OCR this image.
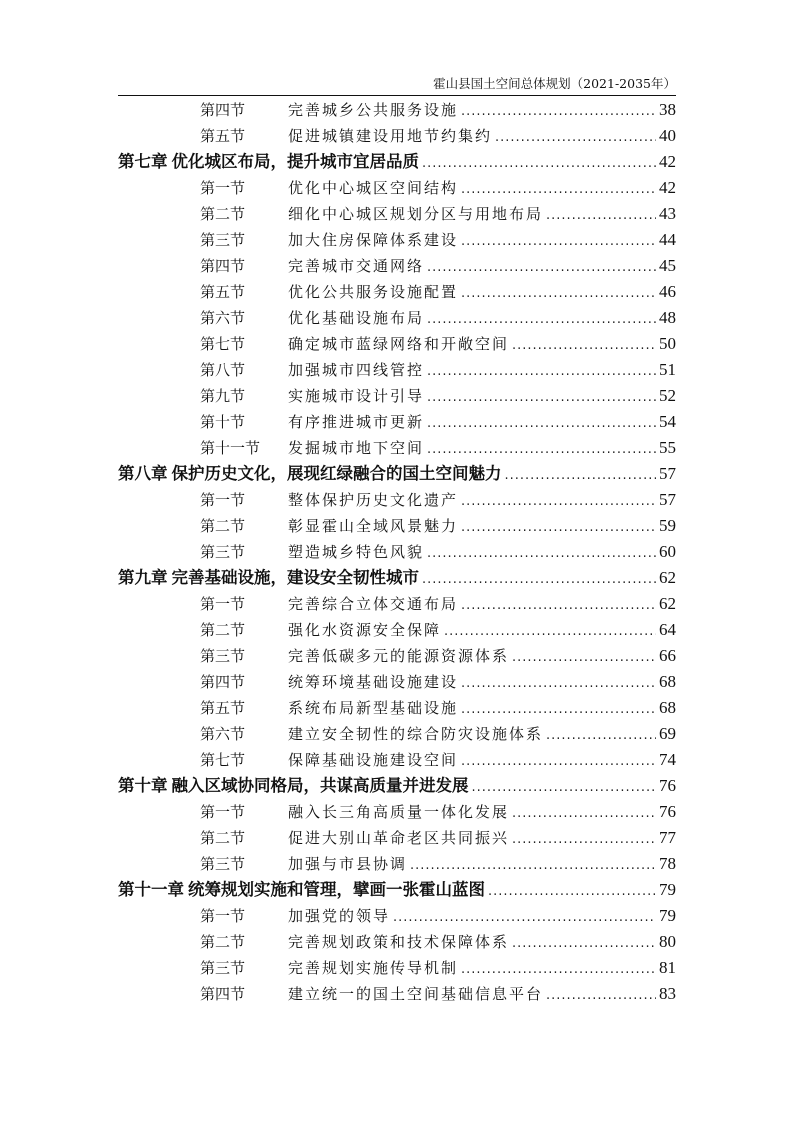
霍山县国土空间总体规划（2021-2035年）
第四节	完善城乡公共服务设施 .....	38
第五节	促进城镇建设用地节约集约 .....	40
第七章 优化城区布局，提升城市宜居品质 .....	42
第一节	优化中心城区空间结构 .....	42
第二节	细化中心城区规划分区与用地布局 .....	43
第三节	加大住房保障体系建设 .....	44
第四节	完善城市交通网络 .....	45
第五节	优化公共服务设施配置 .....	46
第六节	优化基础设施布局 .....	48
第七节	确定城市蓝绿网络和开敞空间 .....	50
第八节	加强城市四线管控 .....	51
第九节	实施城市设计引导 .....	52
第十节	有序推进城市更新 .....	54
第十一节	发掘城市地下空间 .....	55
第八章 保护历史文化，展现红绿融合的国土空间魅力 .....	57
第一节	整体保护历史文化遗产 .....	57
第二节	彰显霍山全域风景魅力 .....	59
第三节	塑造城乡特色风貌 .....	60
第九章 完善基础设施，建设安全韧性城市 .....	62
第一节	完善综合立体交通布局 .....	62
第二节	强化水资源安全保障 .....	64
第三节	完善低碳多元的能源资源体系 .....	66
第四节	统筹环境基础设施建设 .....	68
第五节	系统布局新型基础设施 .....	68
第六节	建立安全韧性的综合防灾设施体系 .....	69
第七节	保障基础设施建设空间 .....	74
第十章 融入区域协同格局，共谋高质量并进发展 .....	76
第一节	融入长三角高质量一体化发展 .....	76
第二节	促进大别山革命老区共同振兴 .....	77
第三节	加强与市县协调 .....	78
第十一章 统筹规划实施和管理，擘画一张霍山蓝图 .....	79
第一节	加强党的领导 .....	79
第二节	完善规划政策和技术保障体系 .....	80
第三节	完善规划实施传导机制 .....	81
第四节	建立统一的国土空间基础信息平台 .....	83
